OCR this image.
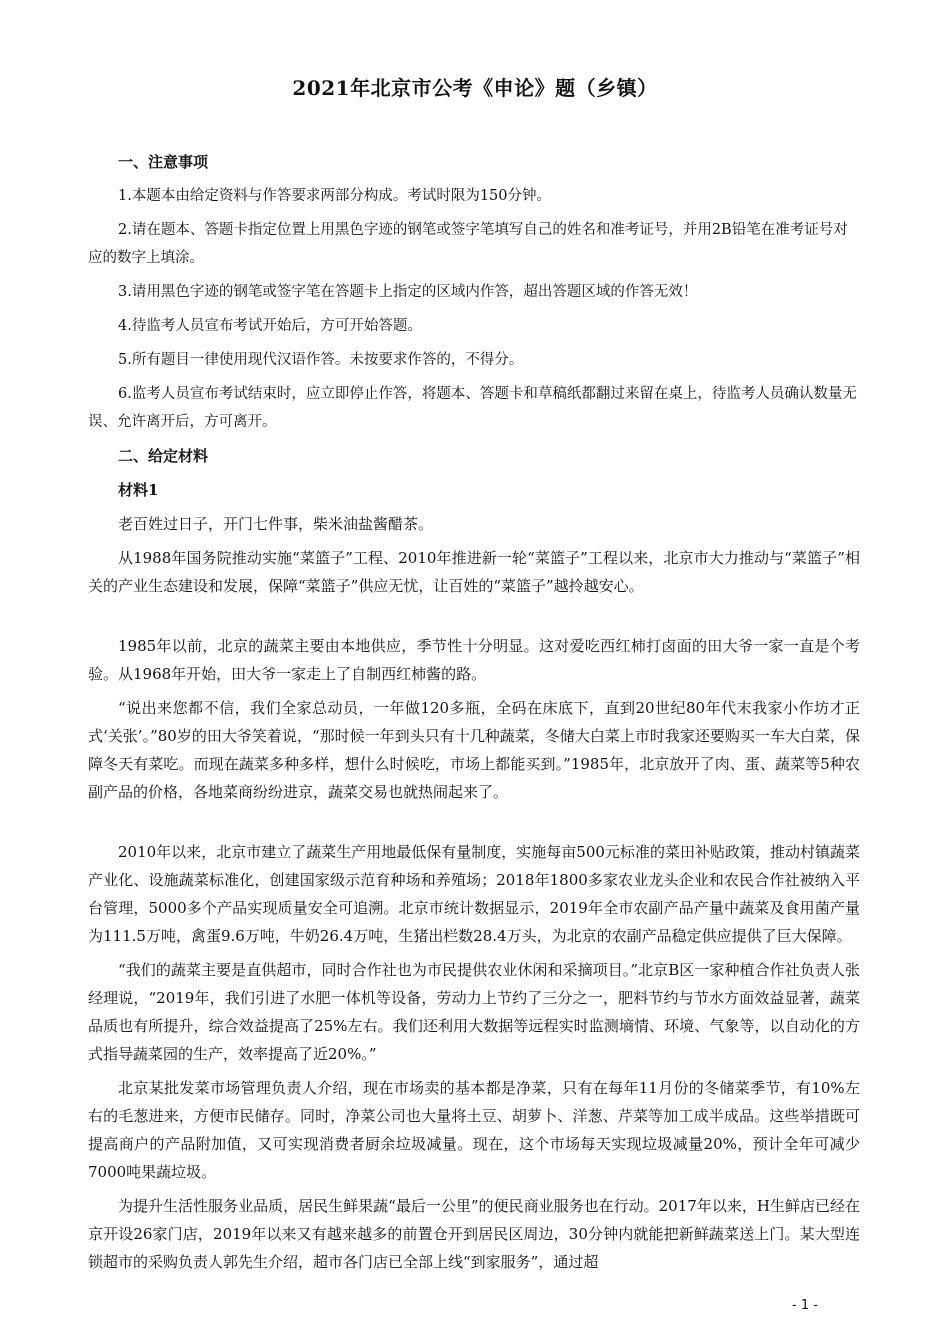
2021年北京市公考《申论》题（乡镇）
一、注意事项
1.本题本由给定资料与作答要求两部分构成。考试时限为150分钟。
2.请在题本、答题卡指定位置上用黑色字迹的钢笔或签字笔填写自己的姓名和准考证号，并用2B铅笔在准考证号对应的数字上填涂。
3.请用黑色字迹的钢笔或签字笔在答题卡上指定的区域内作答，超出答题区域的作答无效！
4.待监考人员宣布考试开始后，方可开始答题。
5.所有题目一律使用现代汉语作答。未按要求作答的，不得分。
6.监考人员宣布考试结束时，应立即停止作答，将题本、答题卡和草稿纸都翻过来留在桌上，待监考人员确认数量无误、允许离开后，方可离开。
二、给定材料
材料1
老百姓过日子，开门七件事，柴米油盐酱醋茶。
从1988年国务院推动实施“菜篮子”工程、2010年推进新一轮“菜篮子”工程以来，北京市大力推动与“菜篮子”相关的产业生态建设和发展，保障“菜篮子”供应无忧，让百姓的“菜篮子”越拎越安心。
1985年以前，北京的蔬菜主要由本地供应，季节性十分明显。这对爱吃西红柿打卤面的田大爷一家一直是个考验。从1968年开始，田大爷一家走上了自制西红柿酱的路。
“说出来您都不信，我们全家总动员，一年做120多瓶，全码在床底下，直到20世纪80年代末我家小作坊才正式‘关张’。”80岁的田大爷笑着说，“那时候一年到头只有十几种蔬菜，冬储大白菜上市时我家还要购买一车大白菜，保障冬天有菜吃。而现在蔬菜多种多样，想什么时候吃，市场上都能买到。”1985年，北京放开了肉、蛋、蔬菜等5种农副产品的价格，各地菜商纷纷进京，蔬菜交易也就热闹起来了。
2010年以来，北京市建立了蔬菜生产用地最低保有量制度，实施每亩500元标准的菜田补贴政策，推动村镇蔬菜产业化、设施蔬菜标准化，创建国家级示范育种场和养殖场；2018年1800多家农业龙头企业和农民合作社被纳入平台管理，5000多个产品实现质量安全可追溯。北京市统计数据显示，2019年全市农副产品产量中蔬菜及食用菌产量为111.5万吨，禽蛋9.6万吨，牛奶26.4万吨，生猪出栏数28.4万头，为北京的农副产品稳定供应提供了巨大保障。
“我们的蔬菜主要是直供超市，同时合作社也为市民提供农业休闲和采摘项目。”北京B区一家种植合作社负责人张经理说，“2019年，我们引进了水肥一体机等设备，劳动力上节约了三分之一，肥料节约与节水方面效益显著，蔬菜品质也有所提升，综合效益提高了25%左右。我们还利用大数据等远程实时监测墒情、环境、气象等，以自动化的方式指导蔬菜园的生产，效率提高了近20%。”
北京某批发菜市场管理负责人介绍，现在市场卖的基本都是净菜，只有在每年11月份的冬储菜季节，有10%左右的毛葱进来，方便市民储存。同时，净菜公司也大量将土豆、胡萝卜、洋葱、芹菜等加工成半成品。这些举措既可提高商户的产品附加值，又可实现消费者厨余垃圾减量。现在，这个市场每天实现垃圾减量20%，预计全年可减少7000吨果蔬垃圾。
为提升生活性服务业品质，居民生鲜果蔬“最后一公里”的便民商业服务也在行动。2017年以来，H生鲜店已经在京开设26家门店，2019年以来又有越来越多的前置仓开到居民区周边，30分钟内就能把新鲜蔬菜送上门。某大型连锁超市的采购负责人郭先生介绍，超市各门店已全部上线“到家服务”，通过超
- 1 -
